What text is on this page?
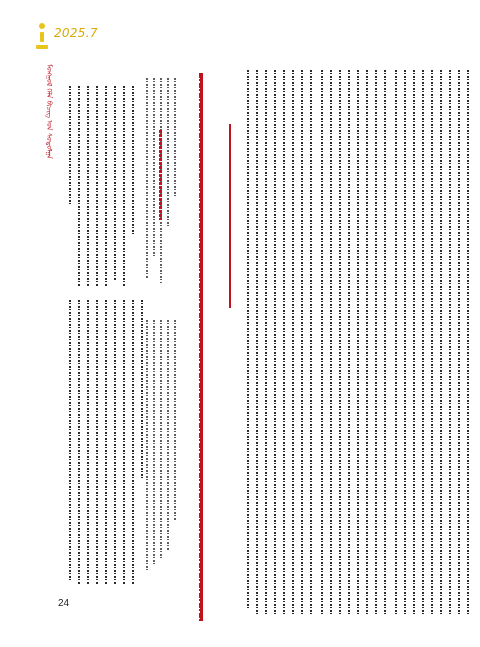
2025.7
ᠮᠣᠩᠭᠣᠯ ᠬᠡᠯᠡ ᠪᠢᠴᠢᠭ ᠤᠨ ᠰᠤᠳᠤᠯᠭᠠ
24
